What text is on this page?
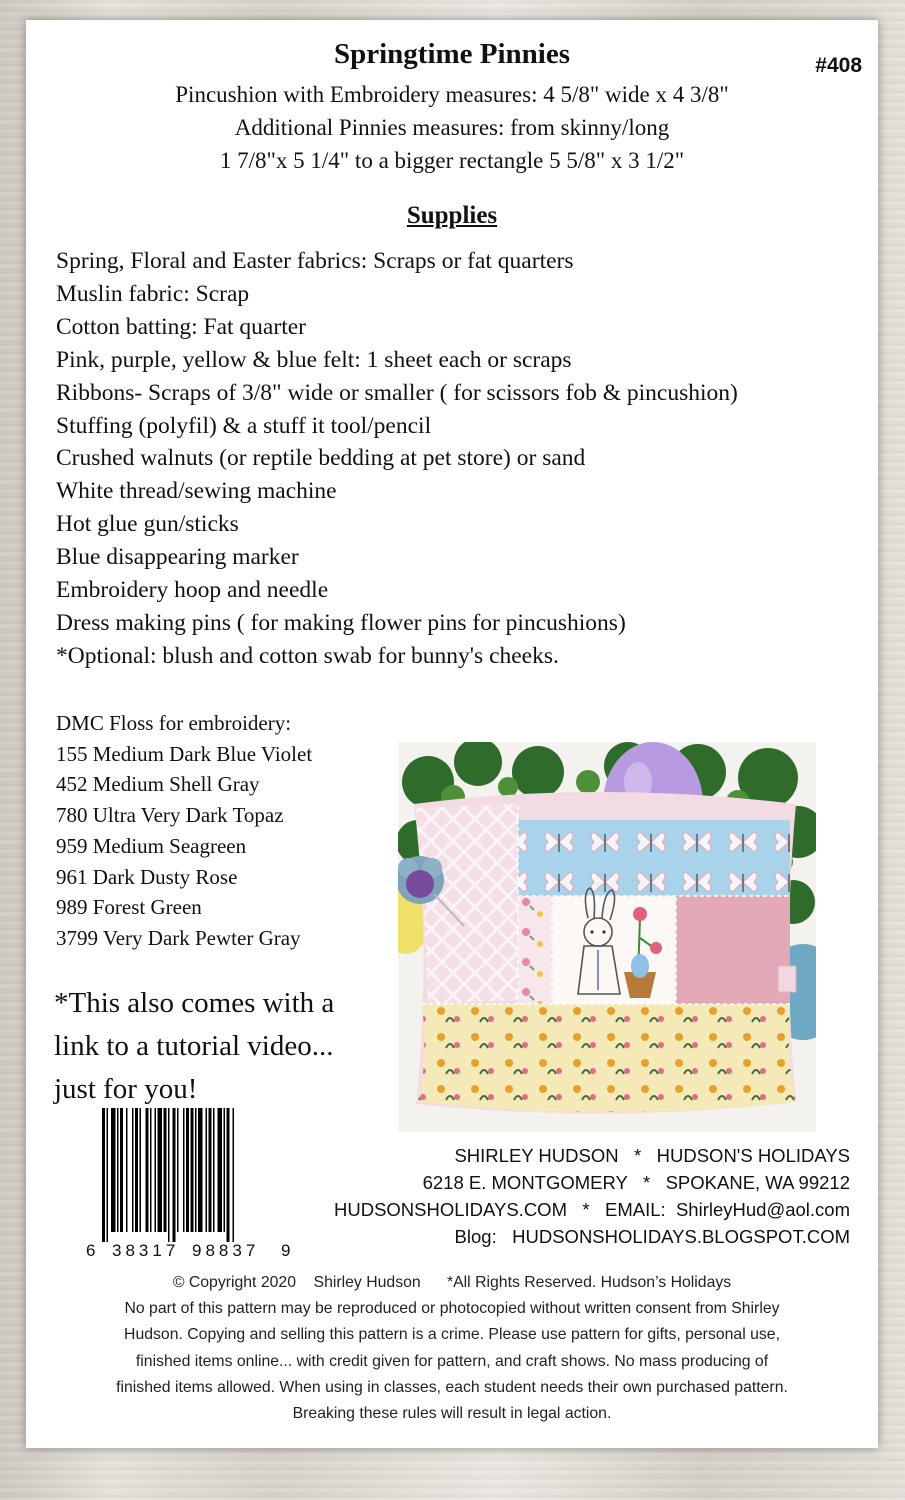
Springtime Pinnies	#408
Pincushion with Embroidery measures: 4 5/8" wide x 4 3/8"
Additional Pinnies measures: from skinny/long
1 7/8"x 5 1/4" to a bigger rectangle 5 5/8" x 3 1/2"
Supplies
Spring, Floral and Easter fabrics: Scraps or fat quarters
Muslin fabric: Scrap
Cotton batting: Fat quarter
Pink, purple, yellow & blue felt: 1 sheet each or scraps
Ribbons- Scraps of 3/8" wide or smaller ( for scissors fob & pincushion)
Stuffing (polyfil) & a stuff it tool/pencil
Crushed walnuts (or reptile bedding at pet store) or sand
White thread/sewing machine
Hot glue gun/sticks
Blue disappearing marker
Embroidery hoop and needle
Dress making pins ( for making flower pins for pincushions)
*Optional: blush and cotton swab for bunny's cheeks.
DMC Floss for embroidery:
155 Medium Dark Blue Violet
452 Medium Shell Gray
780 Ultra Very Dark Topaz
959 Medium Seagreen
961 Dark Dusty Rose
989 Forest Green
3799 Very Dark Pewter Gray
*This also comes with a
link to a tutorial video...
just for you!
6 38317 98837 9
SHIRLEY HUDSON   *   HUDSON'S HOLIDAYS
6218 E. MONTGOMERY   *   SPOKANE, WA 99212
HUDSONSHOLIDAYS.COM   *   EMAIL:  ShirleyHud@aol.com
Blog:   HUDSONSHOLIDAYS.BLOGSPOT.COM
© Copyright 2020    Shirley Hudson      *All Rights Reserved. Hudson’s Holidays
No part of this pattern may be reproduced or photocopied without written consent from Shirley
Hudson. Copying and selling this pattern is a crime. Please use pattern for gifts, personal use,
finished items online... with credit given for pattern, and craft shows. No mass producing of
finished items allowed. When using in classes, each student needs their own purchased pattern.
Breaking these rules will result in legal action.
